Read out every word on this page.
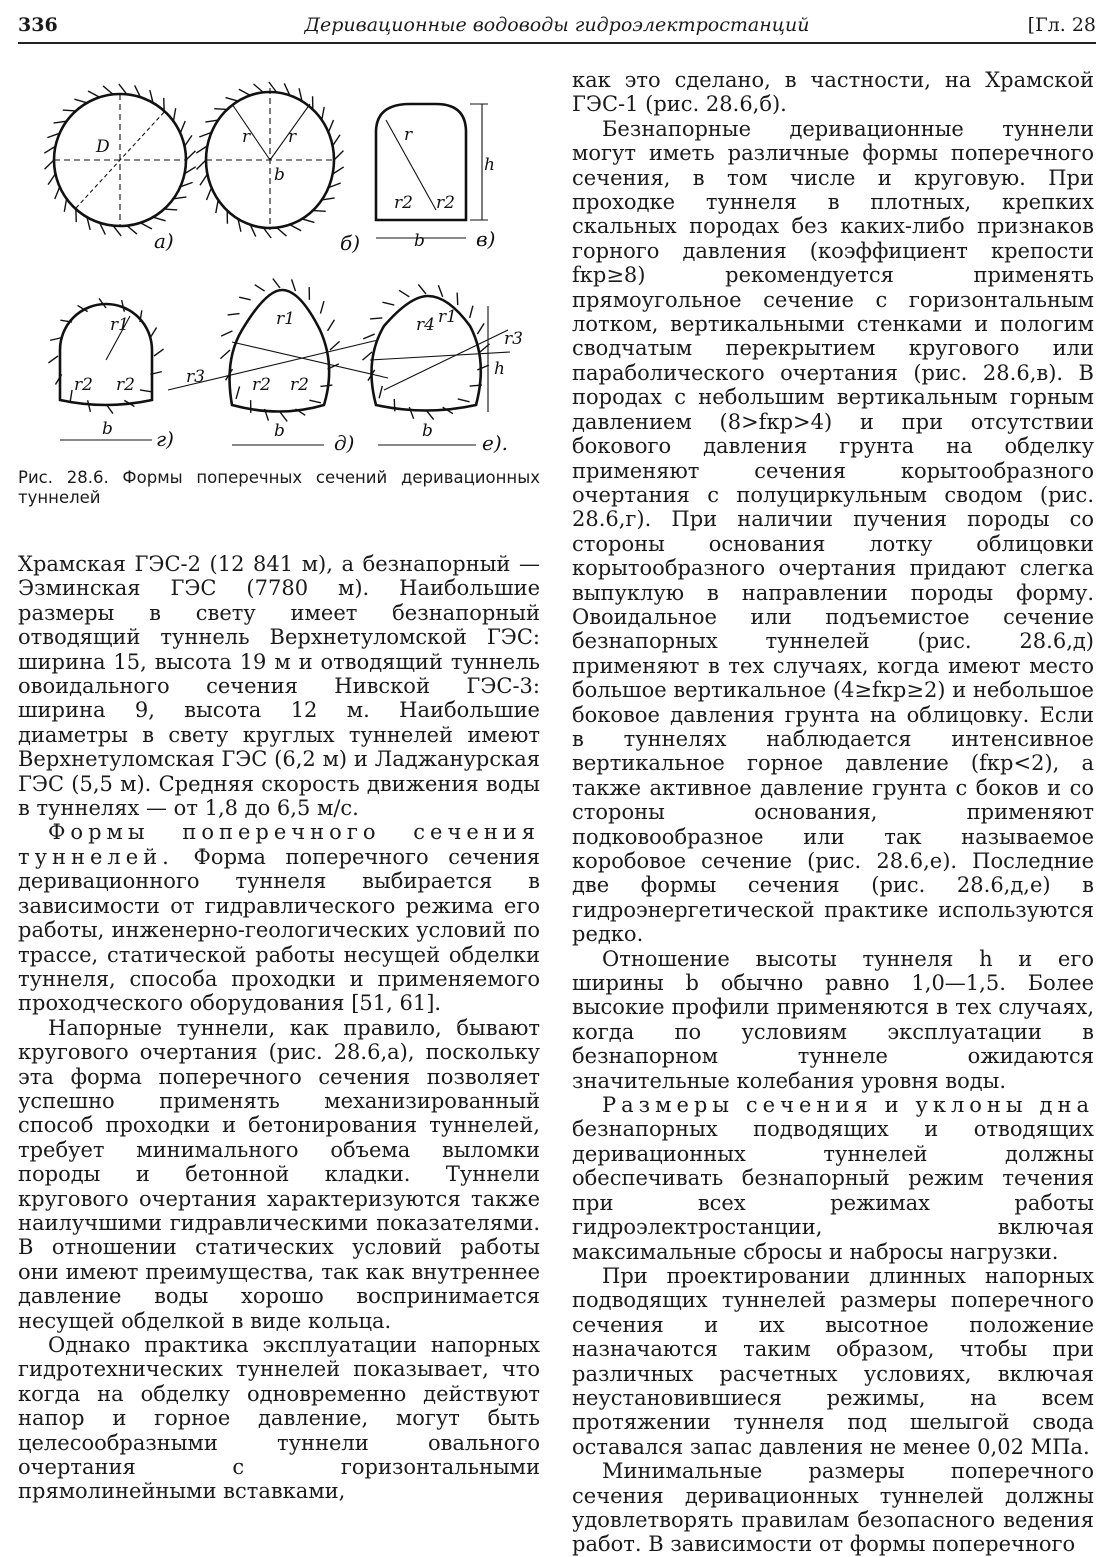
336	Деривационные водоводы гидроэлектростанций	[Гл. 28
D
а)
r r
b
б)
h
r
r2 r2
b	в)
r1
r2 r2
b г)
r3
r1
r2 r2
b д)
r3
r4 r1
h
b е).
Рис. 28.6. Формы поперечных сечений деривационных туннелей

Храмская ГЭС-2 (12 841 м), а безнапорный — Эзминская ГЭС (7780 м). Наибольшие размеры в свету имеет безнапорный отводящий туннель Верхнетуломской ГЭС: ширина 15, высота 19 м и отводящий туннель овоидального сечения Нивской ГЭС-3: ширина 9, высота 12 м. Наибольшие диаметры в свету круглых туннелей имеют Верхнетуломская ГЭС (6,2 м) и Ладжанурская ГЭС (5,5 м). Средняя скорость движения воды в туннелях — от 1,8 до 6,5 м/с.

Формы поперечного сечения туннелей. Форма поперечного сечения деривационного туннеля выбирается в зависимости от гидравлического режима его работы, инженерно-геологических условий по трассе, статической работы несущей обделки туннеля, способа проходки и применяемого проходческого оборудования [51, 61].

Напорные туннели, как правило, бывают кругового очертания (рис. 28.6,а), поскольку эта форма поперечного сечения позволяет успешно применять механизированный способ проходки и бетонирования туннелей, требует минимального объема выломки породы и бетонной кладки. Туннели кругового очертания характеризуются также наилучшими гидравлическими показателями. В отношении статических условий работы они имеют преимущества, так как внутреннее давление воды хорошо воспринимается несущей обделкой в виде кольца.

Однако практика эксплуатации напорных гидротехнических туннелей показывает, что когда на обделку одновременно действуют напор и горное давление, могут быть целесообразными туннели овального очертания с горизонтальными прямолинейными вставками,

как это сделано, в частности, на Храмской ГЭС-1 (рис. 28.6,б).

Безнапорные деривационные туннели могут иметь различные формы поперечного сечения, в том числе и круговую. При проходке туннеля в плотных, крепких скальных породах без каких-либо признаков горного давления (коэффициент крепости fкр≥8) рекомендуется применять прямоугольное сечение с горизонтальным лотком, вертикальными стенками и пологим сводчатым перекрытием кругового или параболического очертания (рис. 28.6,в). В породах с небольшим вертикальным горным давлением (8>fкр>4) и при отсутствии бокового давления грунта на обделку применяют сечения корытообразного очертания с полуциркульным сводом (рис. 28.6,г). При наличии пучения породы со стороны основания лотку облицовки корытообразного очертания придают слегка выпуклую в направлении породы форму. Овоидальное или подъемистое сечение безнапорных туннелей (рис. 28.6,д) применяют в тех случаях, когда имеют место большое вертикальное (4≥fкр≥2) и небольшое боковое давления грунта на облицовку. Если в туннелях наблюдается интенсивное вертикальное горное давление (fкр<2), а также активное давление грунта с боков и со стороны основания, применяют подковообразное или так называемое коробовое сечение (рис. 28.6,е). Последние две формы сечения (рис. 28.6,д,е) в гидроэнергетической практике используются редко.

Отношение высоты туннеля h и его ширины b обычно равно 1,0—1,5. Более высокие профили применяются в тех случаях, когда по условиям эксплуатации в безнапорном туннеле ожидаются значительные колебания уровня воды.

Размеры сечения и уклоны дна безнапорных подводящих и отводящих деривационных туннелей должны обеспечивать безнапорный режим течения при всех режимах работы гидроэлектростанции, включая максимальные сбросы и набросы нагрузки.

При проектировании длинных напорных подводящих туннелей размеры поперечного сечения и их высотное положение назначаются таким образом, чтобы при различных расчетных условиях, включая неустановившиеся режимы, на всем протяжении туннеля под шелыгой свода оставался запас давления не менее 0,02 МПа.

Минимальные размеры поперечного сечения деривационных туннелей должны удовлетворять правилам безопасного ведения работ. В зависимости от формы поперечного
